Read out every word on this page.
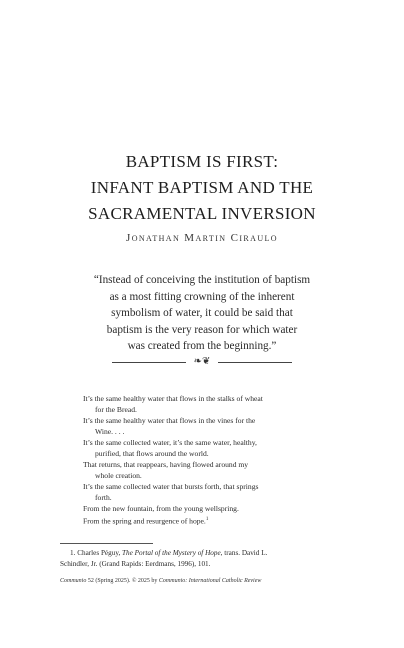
BAPTISM IS FIRST:
INFANT BAPTISM AND THE
SACRAMENTAL INVERSION
Jonathan Martin Ciraulo
“Instead of conceiving the institution of baptism
as a most fitting crowning of the inherent
symbolism of water, it could be said that
baptism is the very reason for which water
was created from the beginning.”
❧❦
It’s the same healthy water that flows in the stalks of wheat
for the Bread.
It’s the same healthy water that flows in the vines for the
Wine. . . .
It’s the same collected water, it’s the same water, healthy,
purified, that flows around the world.
That returns, that reappears, having flowed around my
whole creation.
It’s the same collected water that bursts forth, that springs
forth.
From the new fountain, from the young wellspring.
From the spring and resurgence of hope.$^1$
1. Charles Péguy, The Portal of the Mystery of Hope, trans. David L.
Schindler, Jr. (Grand Rapids: Eerdmans, 1996), 101.
Communio 52 (Spring 2025). © 2025 by Communio: International Catholic Review
